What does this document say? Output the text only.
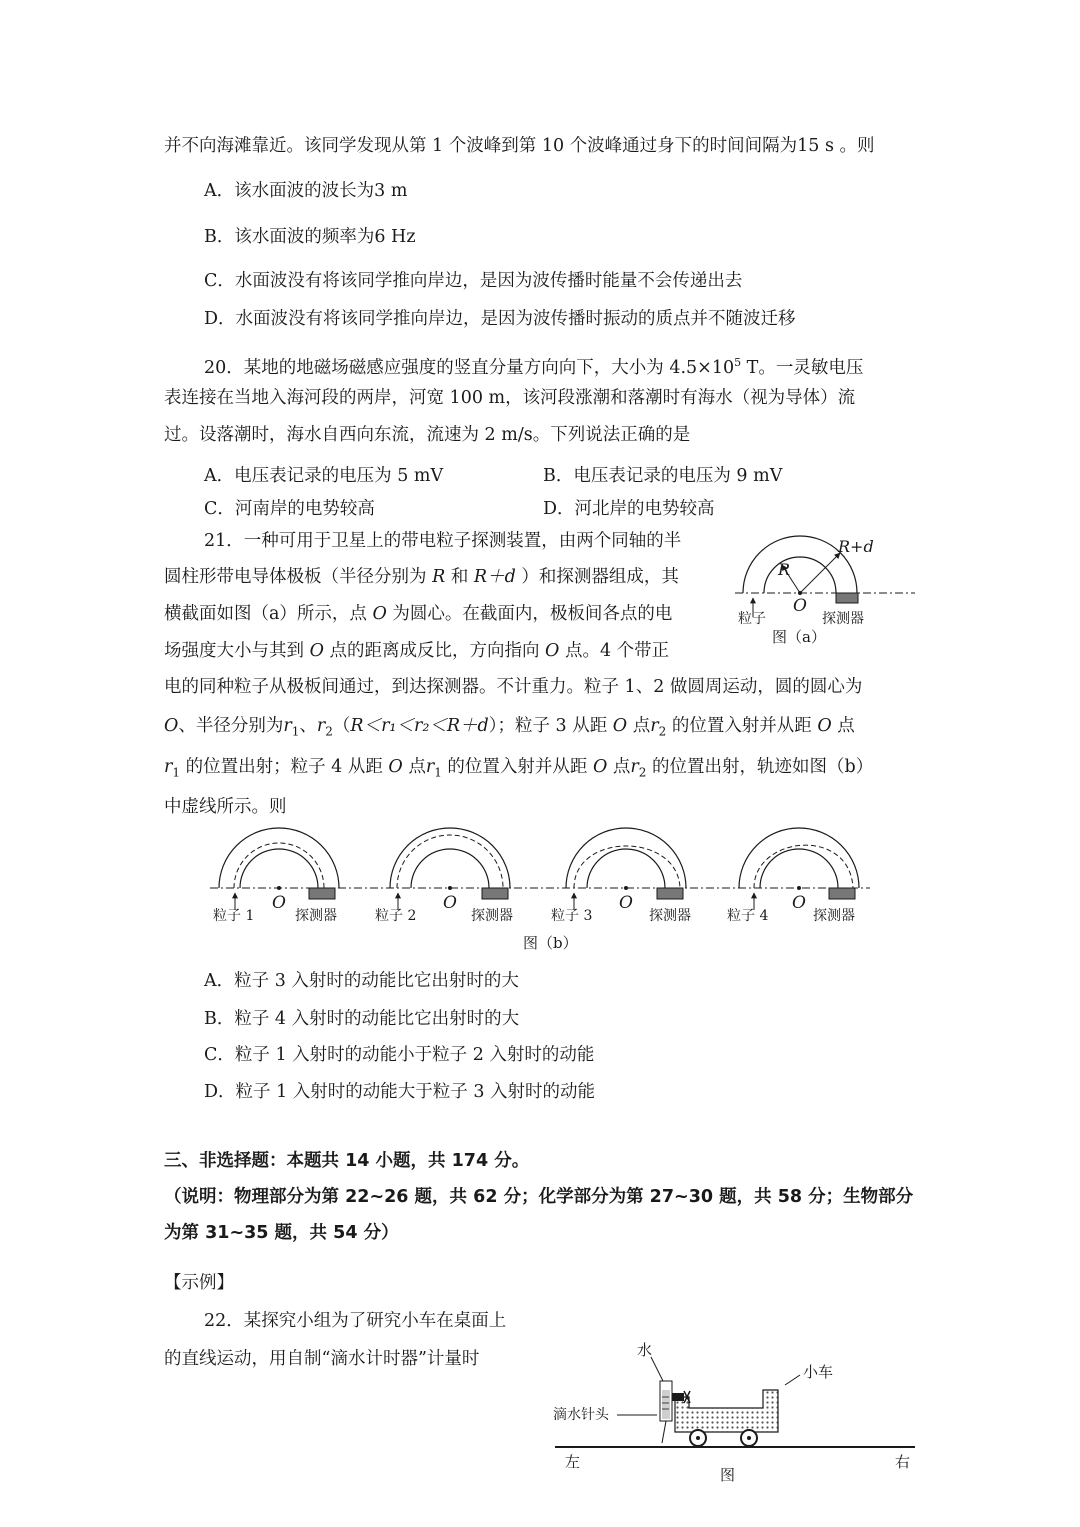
并不向海滩靠近。该同学发现从第 1 个波峰到第 10 个波峰通过身下的时间间隔为15 s 。则
A．该水面波的波长为3 m
B．该水面波的频率为6 Hz
C．水面波没有将该同学推向岸边，是因为波传播时能量不会传递出去
D．水面波没有将该同学推向岸边，是因为波传播时振动的质点并不随波迁移
20．某地的地磁场磁感应强度的竖直分量方向向下，大小为 $4.5\times 10^5$ T。一灵敏电压
表连接在当地入海河段的两岸，河宽 100 m，该河段涨潮和落潮时有海水（视为导体）流
过。设落潮时，海水自西向东流，流速为 2 m/s。下列说法正确的是
A．电压表记录的电压为 5 mV	B．电压表记录的电压为 9 mV
C．河南岸的电势较高	D．河北岸的电势较高
21．一种可用于卫星上的带电粒子探测装置，由两个同轴的半
圆柱形带电导体极板（半径分别为 R 和 R＋d ）和探测器组成，其
横截面如图（a）所示，点 O 为圆心。在截面内，极板间各点的电
场强度大小与其到 O 点的距离成反比，方向指向 O 点。4 个带正
电的同种粒子从极板间通过，到达探测器。不计重力。粒子 1、2 做圆周运动，圆的圆心为
O、半径分别为$r_1$、$r_2(R<r_1<r_2<R+d)$；粒子 3 从距 O 点$r_2$ 的位置入射并从距 O 点
$r_1$ 的位置出射；粒子 4 从距 O 点$r_1$ 的位置入射并从距 O 点$r_2$ 的位置出射，轨迹如图（b）
中虚线所示。则
R
R+d
O
粒子	探测器
图（a）
粒子 1
O
探测器	粒子 2
O
探测器	粒子 3
O
探测器	粒子 4
O
探测器
图（b）
A．粒子 3 入射时的动能比它出射时的大
B．粒子 4 入射时的动能比它出射时的大
C．粒子 1 入射时的动能小于粒子 2 入射时的动能
D．粒子 1 入射时的动能大于粒子 3 入射时的动能
三、非选择题：本题共 14 小题，共 174 分。
（说明：物理部分为第 22~26 题，共 62 分；化学部分为第 27~30 题，共 58 分；生物部分
为第 31~35 题，共 54 分）
【示例】
22．某探究小组为了研究小车在桌面上
的直线运动，用自制“滴水计时器”计量时	水
小车
滴水针头
左	右
图
